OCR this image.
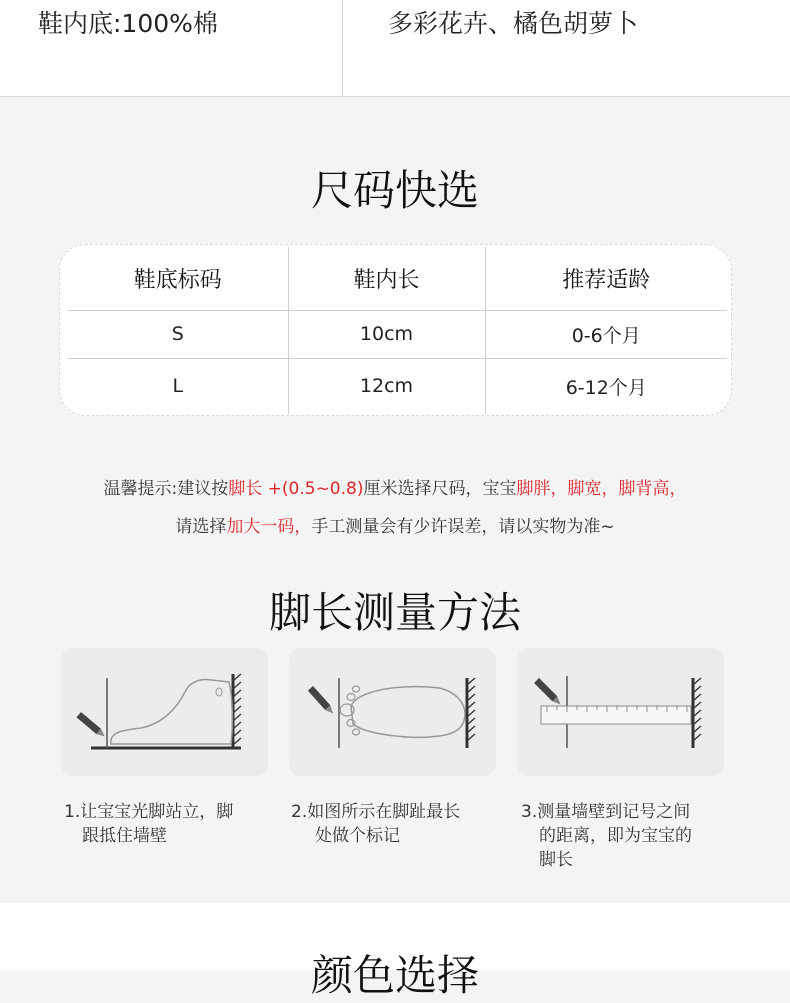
鞋内底:100%棉	多彩花卉、橘色胡萝卜
尺码快选
鞋底标码	鞋内长	推荐适龄
S	10cm	0-6个月
L	12cm	6-12个月
温馨提示:建议按脚长 +(0.5~0.8)厘米选择尺码，宝宝脚胖，脚宽，脚背高，
请选择加大一码，手工测量会有少许误差，请以实物为准~
脚长测量方法
1.让宝宝光脚站立，脚
跟抵住墙壁
2.如图所示在脚趾最长
处做个标记
3.测量墙壁到记号之间
的距离，即为宝宝的
脚长
颜色选择
